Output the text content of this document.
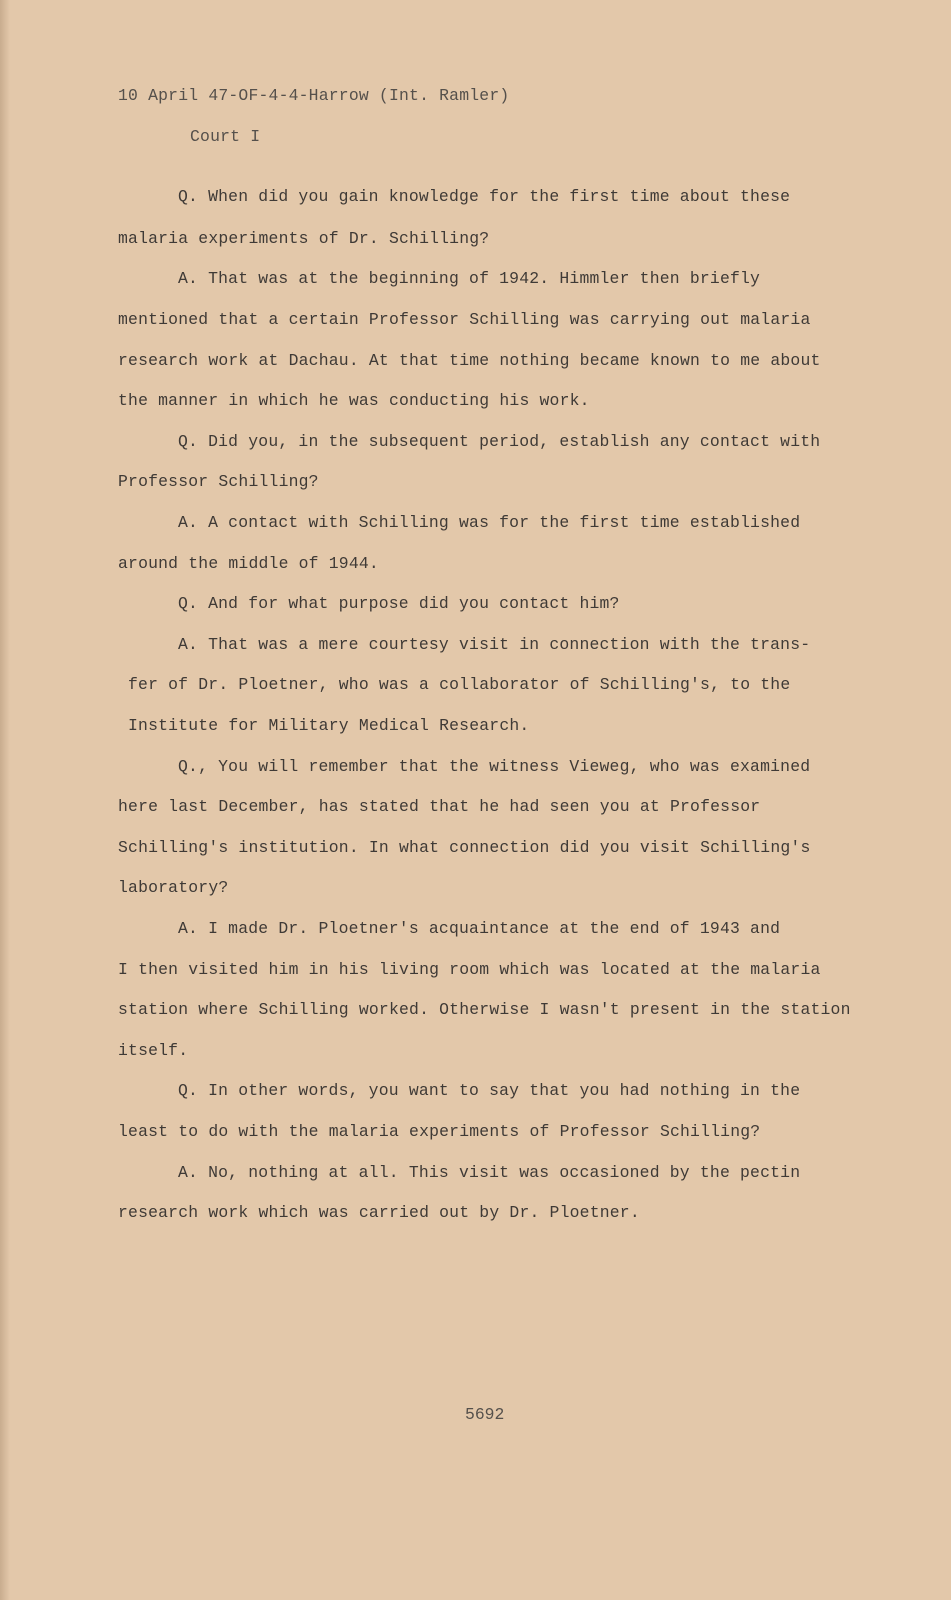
10 April 47-OF-4-4-Harrow (Int. Ramler)
Court I
Q. When did you gain knowledge for the first time about these
malaria experiments of Dr. Schilling?
A. That was at the beginning of 1942. Himmler then briefly
mentioned that a certain Professor Schilling was carrying out malaria
research work at Dachau. At that time nothing became known to me about
the manner in which he was conducting his work.
Q. Did you, in the subsequent period, establish any contact with
Professor Schilling?
A. A contact with Schilling was for the first time established
around the middle of 1944.
Q. And for what purpose did you contact him?
A. That was a mere courtesy visit in connection with the trans-
fer of Dr. Ploetner, who was a collaborator of Schilling's, to the
Institute for Military Medical Research.
Q., You will remember that the witness Vieweg, who was examined
here last December, has stated that he had seen you at Professor
Schilling's institution. In what connection did you visit Schilling's
laboratory?
A. I made Dr. Ploetner's acquaintance at the end of 1943 and
I then visited him in his living room which was located at the malaria
station where Schilling worked. Otherwise I wasn't present in the station
itself.
Q. In other words, you want to say that you had nothing in the
least to do with the malaria experiments of Professor Schilling?
A. No, nothing at all. This visit was occasioned by the pectin
research work which was carried out by Dr. Ploetner.
5692
